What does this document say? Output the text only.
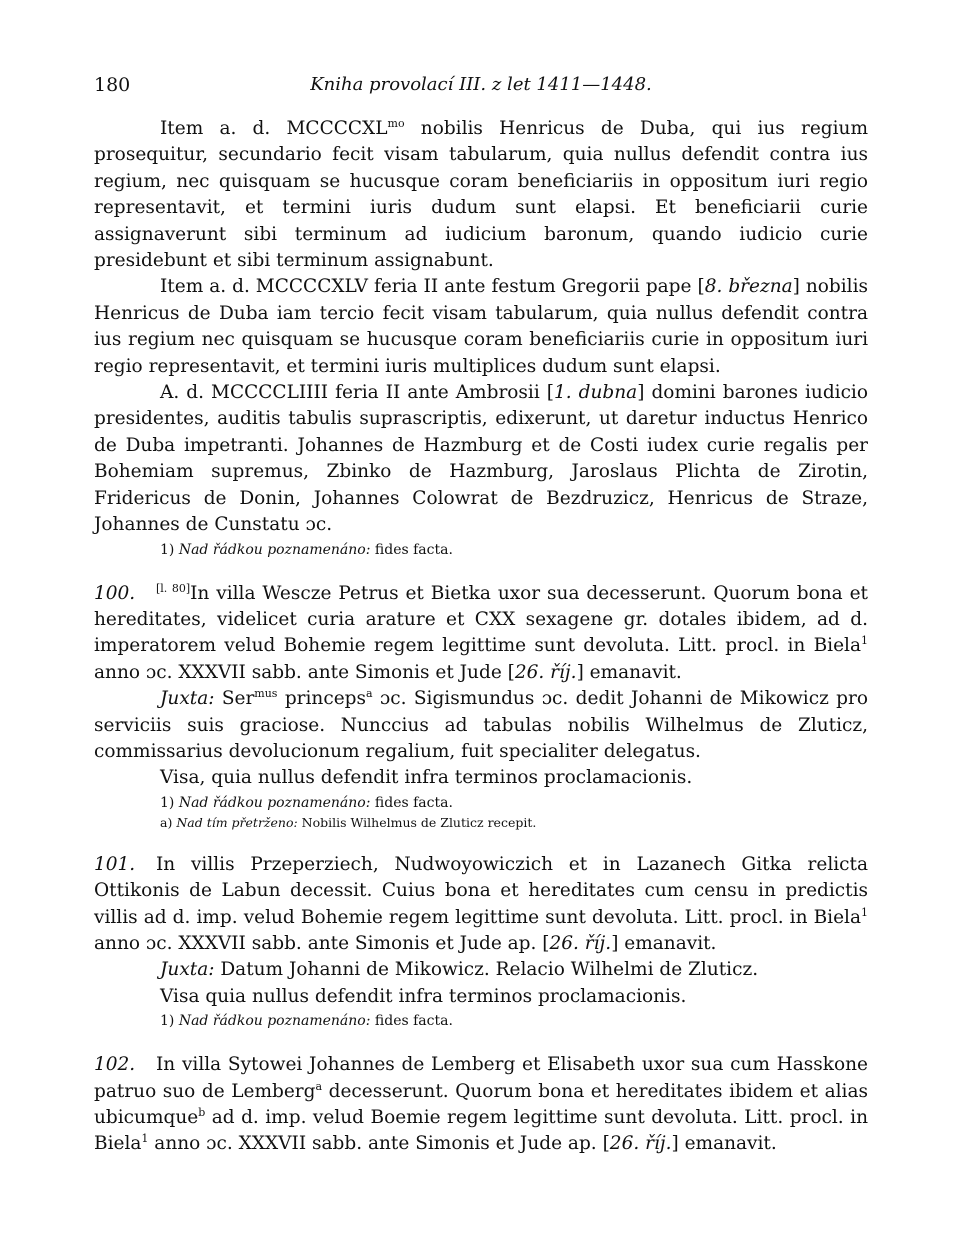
180	Kniha provolací III. z let 1411—1448.

Item a. d. $MCCCCXL^{mo}$ nobilis Henricus de Duba, qui ius regium prosequitur, secundario fecit visam tabularum, quia nullus defendit contra ius regium, nec quisquam se hucusque coram beneficiariis in oppositum iuri regio representavit, et termini iuris dudum sunt elapsi. Et beneficiarii curie assignaverunt sibi terminum ad iudicium baronum, quando iudicio curie presidebunt et sibi terminum assignabunt.

Item a. d. MCCCCXLV feria II ante festum Gregorii pape [8. března] nobilis Henricus de Duba iam tercio fecit visam tabularum, quia nullus defendit contra ius regium nec quisquam se hucusque coram beneficiariis curie in oppositum iuri regio representavit, et termini iuris multiplices dudum sunt elapsi.

A. d. MCCCCLIIII feria II ante Ambrosii [1. dubna] domini barones iudicio presidentes, auditis tabulis suprascriptis, edixerunt, ut daretur inductus Henrico de Duba impetranti. Johannes de Hazmburg et de Costi iudex curie regalis per Bohemiam supremus, Zbinko de Hazmburg, Jaroslaus Plichta de Zirotin, Fridericus de Donin, Johannes Colowrat de Bezdruzicz, Henricus de Straze, Johannes de Cunstatu ɔc.

1) Nad řádkou poznamenáno: fides facta.

100. [l. 80]In villa Wescze Petrus et Bietka uxor sua decesserunt. Quorum bona et hereditates, videlicet curia arature et CXX sexagene gr. dotales ibidem, ad d. imperatorem velud Bohemie regem legittime sunt devoluta. Litt. procl. in Biela$^1$ anno ɔc. XXXVII sabb. ante Simonis et Jude [26. říj.] emanavit.

Juxta: Ser$^{mus}$ princeps$^a$ ɔc. Sigismundus ɔc. dedit Johanni de Mikowicz pro serviciis suis graciose. Nunccius ad tabulas nobilis Wilhelmus de Zluticz, commissarius devolucionum regalium, fuit specialiter delegatus.

Visa, quia nullus defendit infra terminos proclamacionis.

1) Nad řádkou poznamenáno: fides facta.

a) Nad tím přetrženo: Nobilis Wilhelmus de Zluticz recepit.

101. In villis Przeperziech, Nudwoyowiczich et in Lazanech Gitka relicta Ottikonis de Labun decessit. Cuius bona et hereditates cum censu in predictis villis ad d. imp. velud Bohemie regem legittime sunt devoluta. Litt. procl. in Biela$^1$ anno ɔc. XXXVII sabb. ante Simonis et Jude ap. [26. říj.] emanavit.

Juxta: Datum Johanni de Mikowicz. Relacio Wilhelmi de Zluticz.

Visa quia nullus defendit infra terminos proclamacionis.

1) Nad řádkou poznamenáno: fides facta.

102. In villa Sytowei Johannes de Lemberg et Elisabeth uxor sua cum Hasskone patruo suo de Lemberg$^a$ decesserunt. Quorum bona et hereditates ibidem et alias ubicumque$^b$ ad d. imp. velud Boemie regem legittime sunt devoluta. Litt. procl. in Biela$^1$ anno ɔc. XXXVII sabb. ante Simonis et Jude ap. [26. říj.] emanavit.
